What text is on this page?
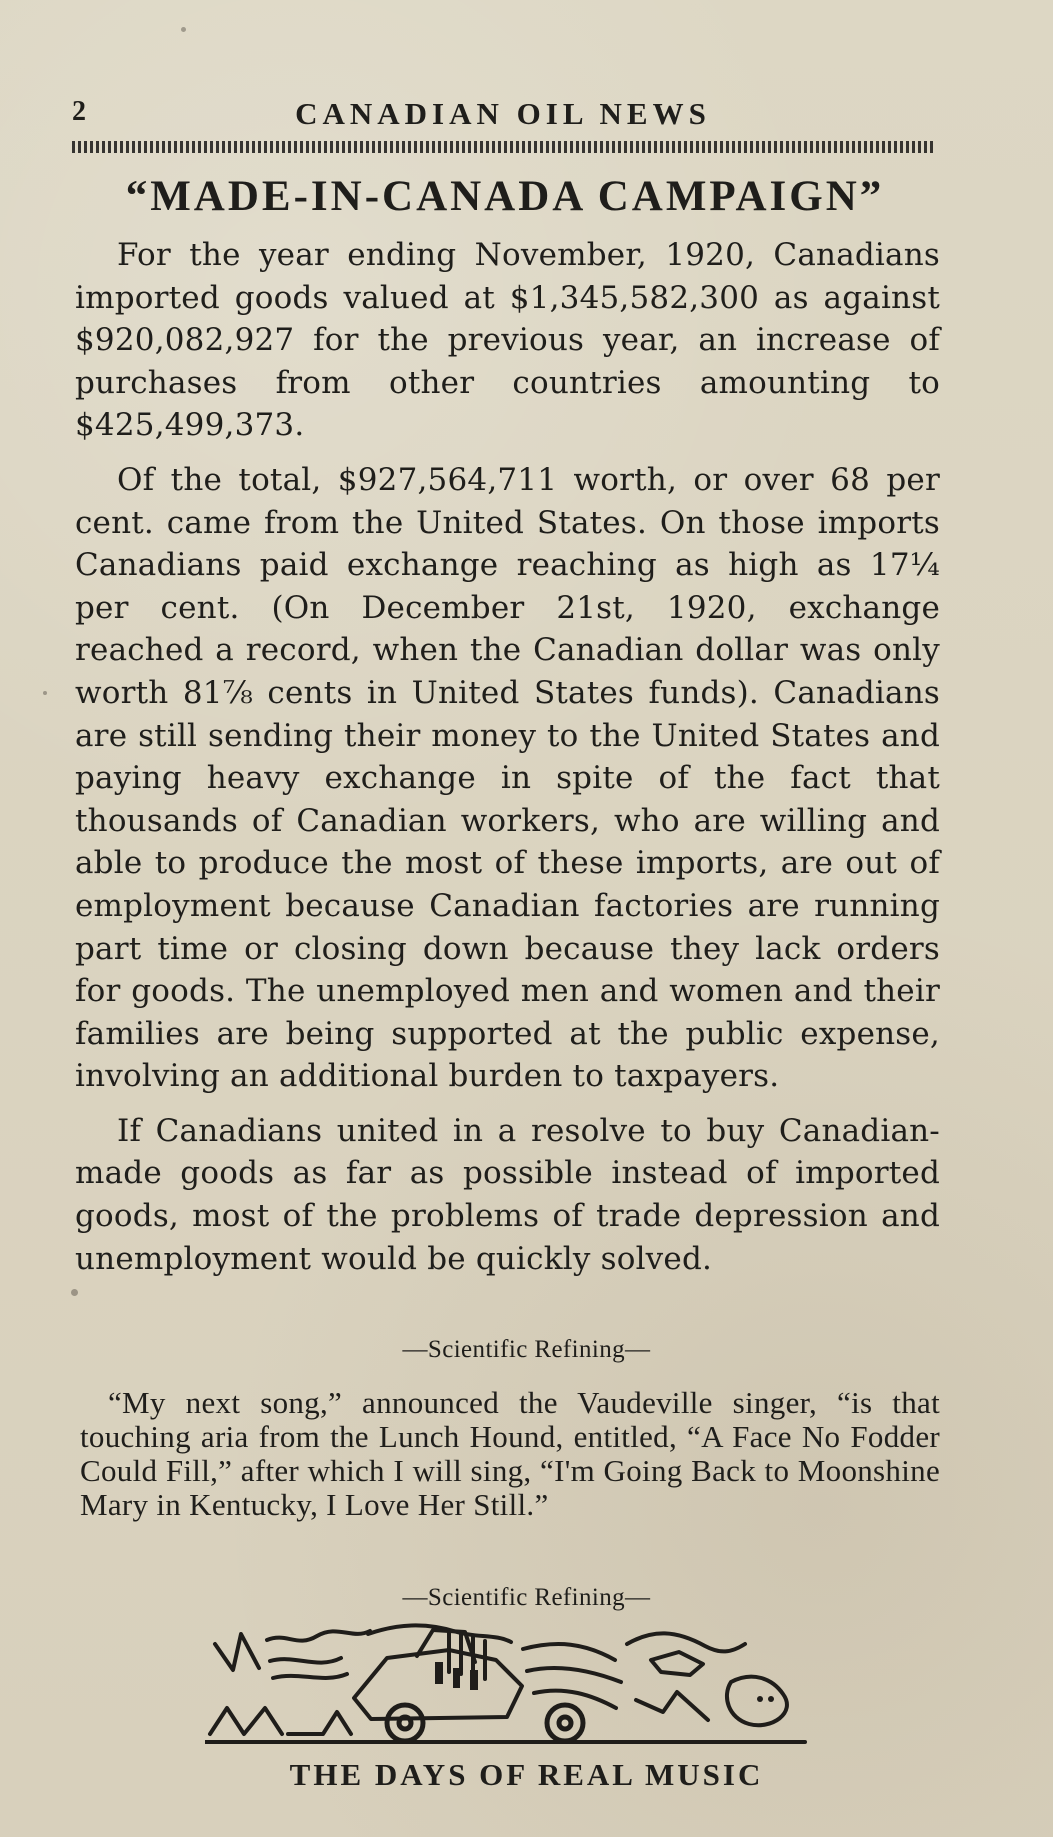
2	CANADIAN OIL NEWS
“MADE-IN-CANADA CAMPAIGN”

For the year ending November, 1920, Canadians imported goods valued at $1,345,582,300 as against $920,082,927 for the previous year, an increase of purchases from other countries amounting to $425,499,373.

Of the total, $927,564,711 worth, or over 68 per cent. came from the United States. On those imports Canadians paid exchange reaching as high as 17¼ per cent. (On December 21st, 1920, exchange reached a record, when the Canadian dollar was only worth 81⅞ cents in United States funds). Canadians are still sending their money to the United States and paying heavy exchange in spite of the fact that thousands of Canadian workers, who are willing and able to produce the most of these imports, are out of employment because Canadian factories are running part time or closing down because they lack orders for goods. The unemployed men and women and their families are being supported at the public expense, involving an additional burden to taxpayers.

If Canadians united in a resolve to buy Canadian-made goods as far as possible instead of imported goods, most of the problems of trade depression and unemployment would be quickly solved.

—Scientific Refining—

“My next song,” announced the Vaudeville singer, “is that touching aria from the Lunch Hound, entitled, “A Face No Fodder Could Fill,” after which I will sing, “I'm Going Back to Moonshine Mary in Kentucky, I Love Her Still.”

—Scientific Refining—
THE DAYS OF REAL MUSIC
